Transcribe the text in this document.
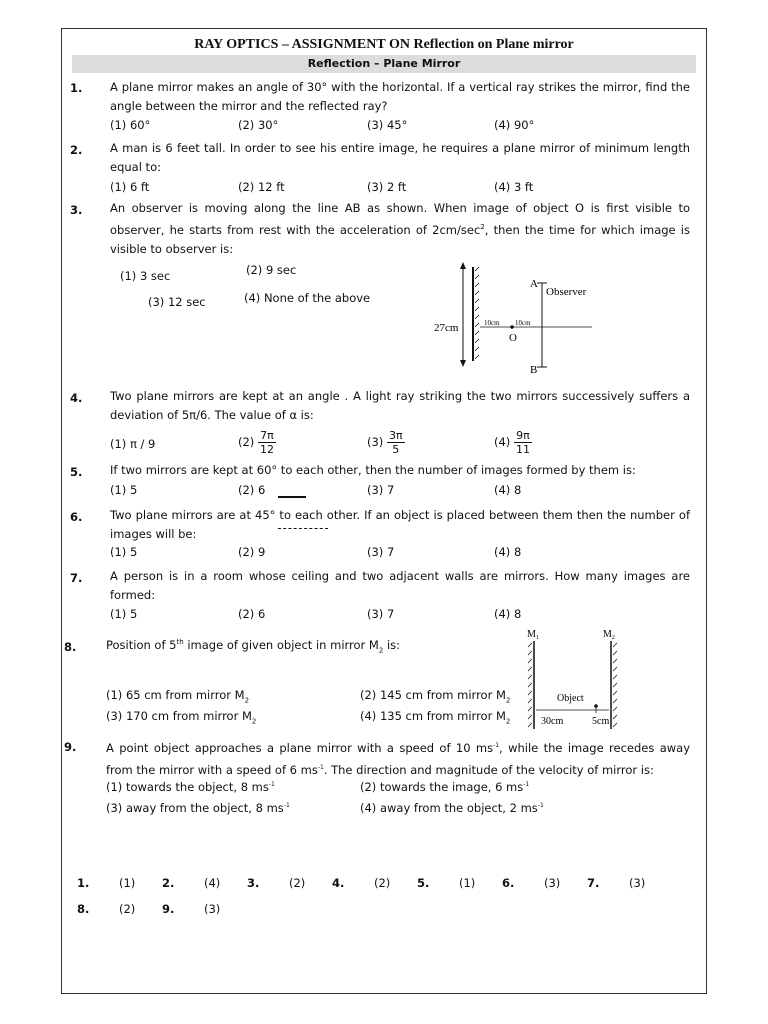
RAY OPTICS – ASSIGNMENT ON Reflection on Plane mirror
Reflection – Plane Mirror
1. A plane mirror makes an angle of 30° with the horizontal. If a vertical ray strikes the mirror, find the angle between the mirror and the reflected ray?
(1) 60°	(2) 30°	(3) 45°	(4) 90°
2. A man is 6 feet tall. In order to see his entire image, he requires a plane mirror of minimum length equal to:
(1) 6 ft	(2) 12 ft	(3) 2 ft	(4) 3 ft
3. An observer is moving along the line AB as shown. When image of object O is first visible to observer, he starts from rest with the acceleration of $2cm/\sec^2$, then the time for which image is visible to observer is:
(1) 3 sec	(2) 9 sec
(3) 12 sec	(4) None of the above
27cm	10cm 10cm
O
A
Observer
B
4. Two plane mirrors are kept at an angle . A light ray striking the two mirrors successively suffers a deviation of 5π/6. The value of α is:
(1) π / 9	$(2) \frac{7\pi}{12}$	$(3) \frac{3\pi}{5}$	$(4) \frac{9\pi}{11}$
5. If two mirrors are kept at 60° to each other, then the number of images formed by them is:
(1) 5	(2) 6	(3) 7	(4) 8
6. Two plane mirrors are at 45° to each other. If an object is placed between them then the number of images will be:
(1) 5	(2) 9	(3) 7	(4) 8
7. A person is in a room whose ceiling and two adjacent walls are mirrors. How many images are formed:
(1) 5	(2) 6	(3) 7	(4) 8
8.	Position of 5th image of given object in mirror $M_2$ is:
(1) 65 cm from mirror $M_2$	(2) 145 cm from mirror $M_2$
(3) 170 cm from mirror $M_2$	(4) 135 cm from mirror $M_2$
$M_1$	$M_2$
Object
30cm	5cm
9.	A point object approaches a plane mirror with a speed of 10 $ms^{-1}$, while the image recedes away from the mirror with a speed of 6 $ms^{-1}$. The direction and magnitude of the velocity of mirror is:
(1) towards the object, 8 $ms^{-1}$	(2) towards the image, 6 $ms^{-1}$
(3) away from the object, 8 $ms^{-1}$	(4) away from the object, 2 $ms^{-1}$
1.	(1) 2.	(4) 3.	(2) 4.	(2) 5.	(1) 6.	(3) 7.	(3)
8.	(2) 9.	(3)
